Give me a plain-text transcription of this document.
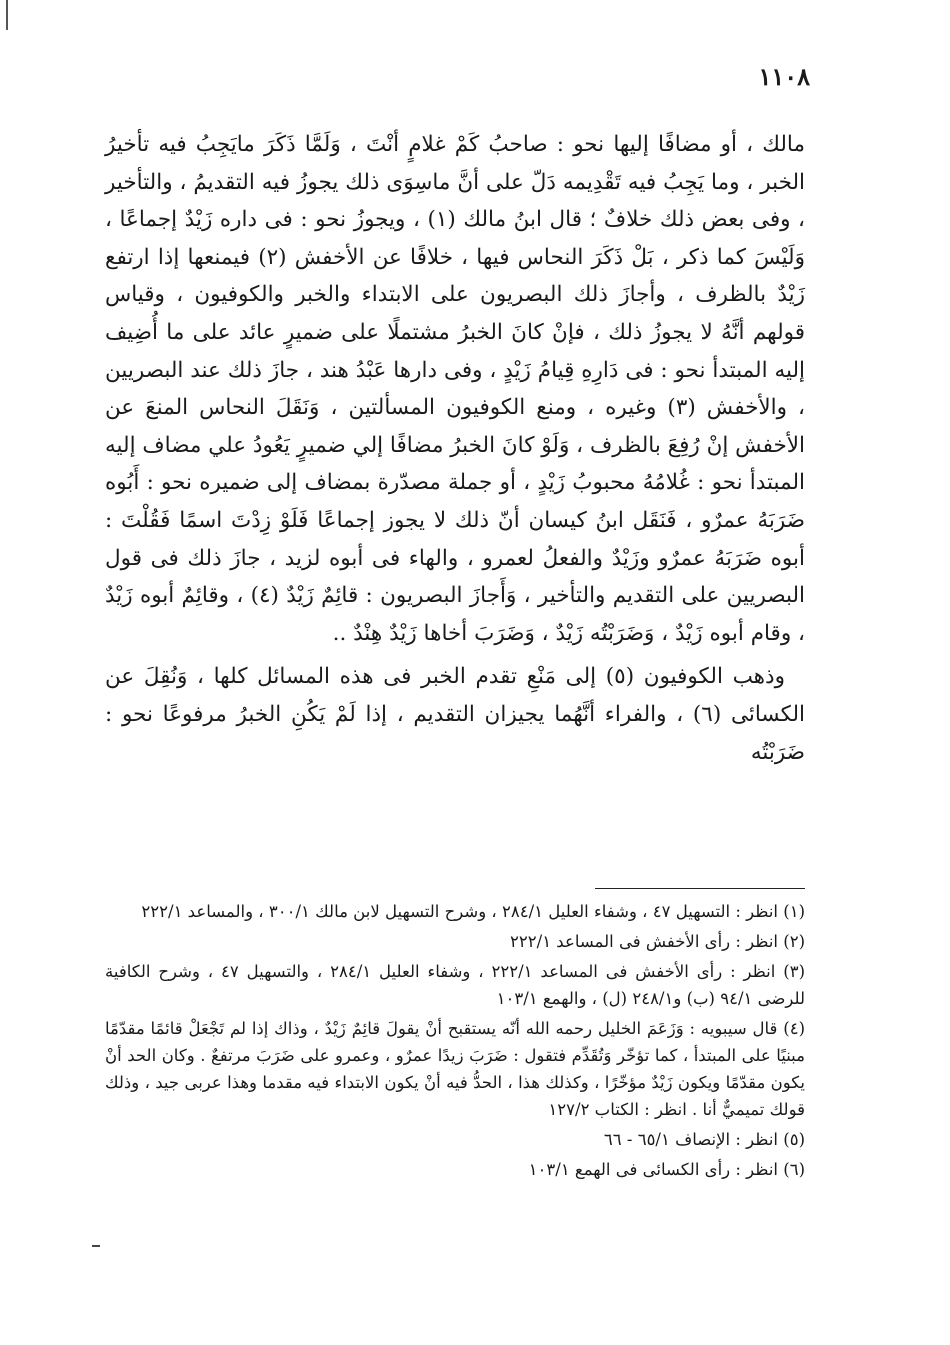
١١٠٨

مالك ، أو مضافًا إليها نحو : صاحبُ كَمْ غلامٍ أنْتَ ، وَلَمَّا ذَكَرَ مايَجِبُ فيه تأخيرُ الخبر ، وما يَجِبُ فيه تَقْدِيمه دَلّ على أنَّ ماسِوَى ذلك يجوزُ فيه التقديمُ ، والتأخير ، وفى بعض ذلك خلافٌ ؛ قال ابنُ مالك (١) ، ويجوزُ نحو : فى داره زَيْدٌ إجماعًا ، وَلَيْسَ كما ذكر ، بَلْ ذَكَرَ النحاس فيها ، خلافًا عن الأخفش (٢) فيمنعها إذا ارتفع زَيْدٌ بالظرف ، وأجازَ ذلك البصريون على الابتداء والخبر والكوفيون ، وقياس قولهم أنَّهُ لا يجوزُ ذلك ، فإنْ كانَ الخبرُ مشتملًا على ضميرٍ عائد على ما أُضِيف إليه المبتدأ نحو : فى دَارِهِ قِيامُ زَيْدٍ ، وفى دارها عَبْدُ هند ، جازَ ذلك عند البصريين ، والأخفش (٣) وغيره ، ومنع الكوفيون المسألتين ، وَنَقَلَ النحاس المنعَ عن الأخفش إنْ رُفِعَ بالظرف ، وَلَوْ كانَ الخبرُ مضافًا إلي ضميرٍ يَعُودُ علي مضاف إليه المبتدأ نحو : غُلامُهُ محبوبُ زَيْدٍ ، أو جملة مصدّرة بمضاف إلى ضميره نحو : أَبُوه ضَرَبَهُ عمرٌو ، فَنَقَل ابنُ كيسان أنّ ذلك لا يجوز إجماعًا فَلَوْ زِدْتَ اسمًا فَقُلْتَ : أبوه ضَرَبَهُ عمرٌو وزَيْدٌ والفعلُ لعمرو ، والهاء فى أبوه لزيد ، جازَ ذلك فى قول البصريين على التقديم والتأخير ، وَأَجازَ البصريون : قائِمٌ زَيْدٌ (٤) ، وقائِمٌ أبوه زَيْدٌ ، وقام أبوه زَيْدٌ ، وَضَرَبْتُه زَيْدٌ ، وَضَرَبَ أخاها زَيْدٌ هِنْدٌ ..

وذهب الكوفيون (٥) إلى مَنْعِ تقدم الخبر فى هذه المسائل كلها ، وَنُقِلَ عن الكسائى (٦) ، والفراء أنَّهُما يجيزان التقديم ، إذا لَمْ يَكُنِ الخبرُ مرفوعًا نحو : ضَرَبْتُه

(١) انظر : التسهيل ٤٧ ، وشفاء العليل ٢٨٤/١ ، وشرح التسهيل لابن مالك ٣٠٠/١ ، والمساعد ٢٢٢/١

(٢) انظر : رأى الأخفش فى المساعد ٢٢٢/١

(٣) انظر : رأى الأخفش فى المساعد ٢٢٢/١ ، وشفاء العليل ٢٨٤/١ ، والتسهيل ٤٧ ، وشرح الكافية للرضى ٩٤/١ (ب) و٢٤٨/١ (ل) ، والهمع ١٠٣/١

(٤) قال سيبويه : وَزَعَمَ الخليل رحمه الله أنّه يستقبح أنْ يقولَ قائِمٌ زَيْدٌ ، وذاك إذا لم تَجْعَلْ قائمًا مقدّمًا مبنيًا على المبتدأ ، كما تؤخّر وَتُقَدِّم فتقول : ضَرَبَ زيدًا عمرٌو ، وعمرو على ضَرَبَ مرتفعٌ . وكان الحد أنْ يكون مقدّمًا ويكون زَيْدٌ مؤخّرًا ، وكذلك هذا ، الحدُّ فيه أنْ يكون الابتداء فيه مقدما وهذا عربى جيد ، وذلك قولك تميميٌّ أنا . انظر : الكتاب ١٢٧/٢

(٥) انظر : الإنصاف ٦٥/١ - ٦٦

(٦) انظر : رأى الكسائى فى الهمع ١٠٣/١
